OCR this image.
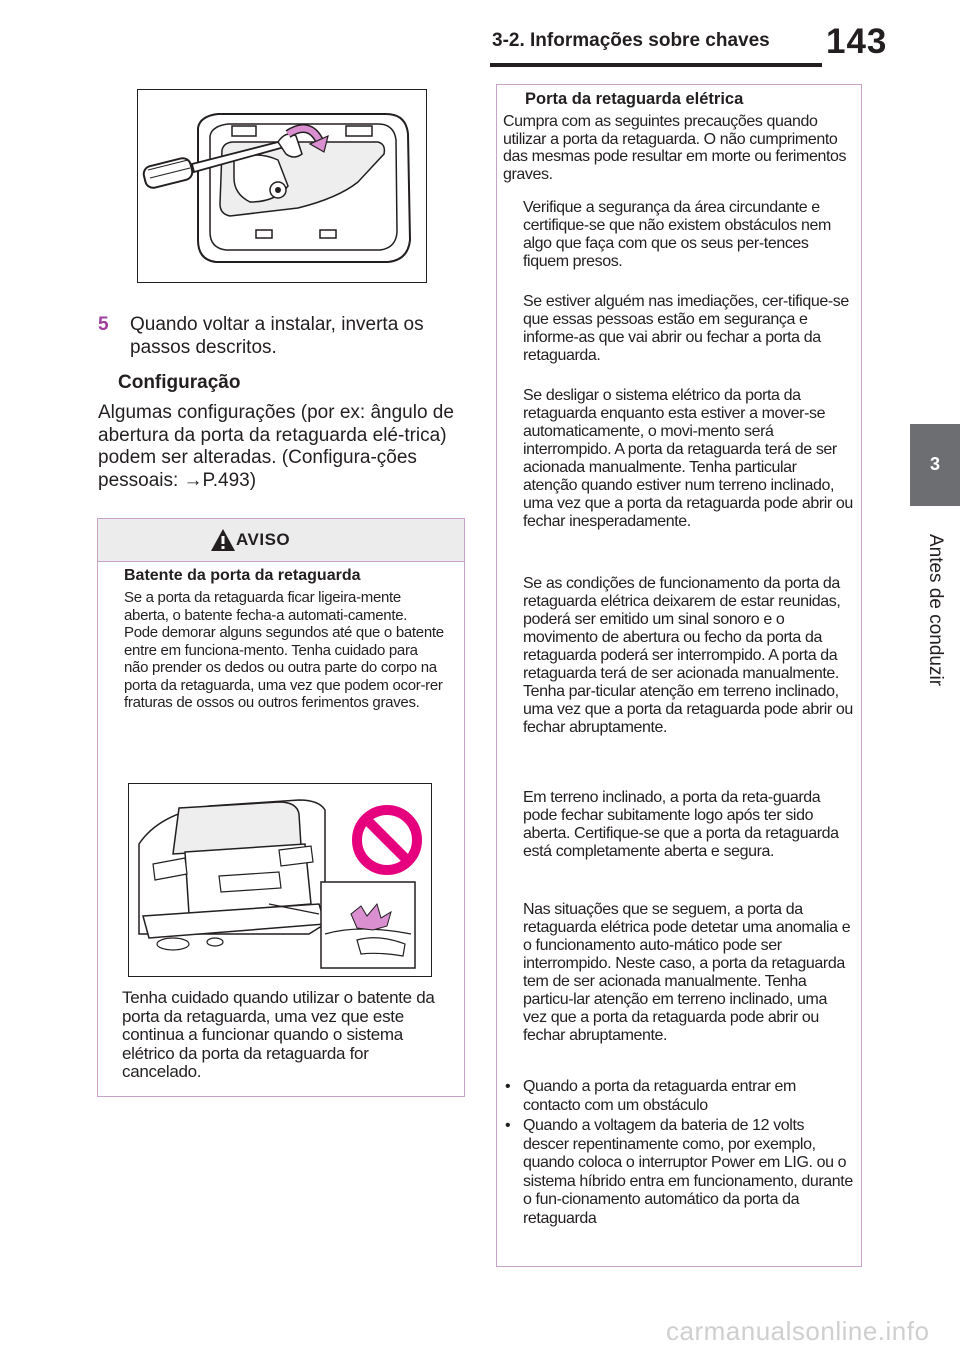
3-2. Informações sobre chaves 143
3
Antes de conduzir
5 Quando voltar a instalar, inverta os passos descritos.
Configuração
Algumas configurações (por ex: ângulo de abertura da porta da retaguarda elé-trica) podem ser alteradas. (Configura-ções pessoais: →P.493)
AVISO
Batente da porta da retaguarda
Se a porta da retaguarda ficar ligeira-mente aberta, o batente fecha-a automati-camente. Pode demorar alguns segundos até que o batente entre em funciona-mento. Tenha cuidado para não prender os dedos ou outra parte do corpo na porta da retaguarda, uma vez que podem ocor-rer fraturas de ossos ou outros ferimentos graves.
Tenha cuidado quando utilizar o batente da porta da retaguarda, uma vez que este continua a funcionar quando o sistema elétrico da porta da retaguarda for cancelado.
Porta da retaguarda elétrica
Cumpra com as seguintes precauções quando utilizar a porta da retaguarda. O não cumprimento das mesmas pode resultar em morte ou ferimentos graves.
Verifique a segurança da área circundante e certifique-se que não existem obstáculos nem algo que faça com que os seus per-tences fiquem presos.
Se estiver alguém nas imediações, cer-tifique-se que essas pessoas estão em segurança e informe-as que vai abrir ou fechar a porta da retaguarda.
Se desligar o sistema elétrico da porta da retaguarda enquanto esta estiver a mover-se automaticamente, o movi-mento será interrompido. A porta da retaguarda terá de ser acionada manualmente. Tenha particular atenção quando estiver num terreno inclinado, uma vez que a porta da retaguarda pode abrir ou fechar inesperadamente.
Se as condições de funcionamento da porta da retaguarda elétrica deixarem de estar reunidas, poderá ser emitido um sinal sonoro e o movimento de abertura ou fecho da porta da retaguarda poderá ser interrompido. A porta da retaguarda terá de ser acionada manualmente. Tenha par-ticular atenção em terreno inclinado, uma vez que a porta da retaguarda pode abrir ou fechar abruptamente.
Em terreno inclinado, a porta da reta-guarda pode fechar subitamente logo após ter sido aberta. Certifique-se que a porta da retaguarda está completamente aberta e segura.
Nas situações que se seguem, a porta da retaguarda elétrica pode detetar uma anomalia e o funcionamento auto-mático pode ser interrompido. Neste caso, a porta da retaguarda tem de ser acionada manualmente. Tenha particu-lar atenção em terreno inclinado, uma vez que a porta da retaguarda pode abrir ou fechar abruptamente.
• Quando a porta da retaguarda entrar em contacto com um obstáculo
• Quando a voltagem da bateria de 12 volts descer repentinamente como, por exemplo, quando coloca o interruptor Power em LIG. ou o sistema híbrido entra em funcionamento, durante o fun-cionamento automático da porta da retaguarda
carmanualsonline.info
